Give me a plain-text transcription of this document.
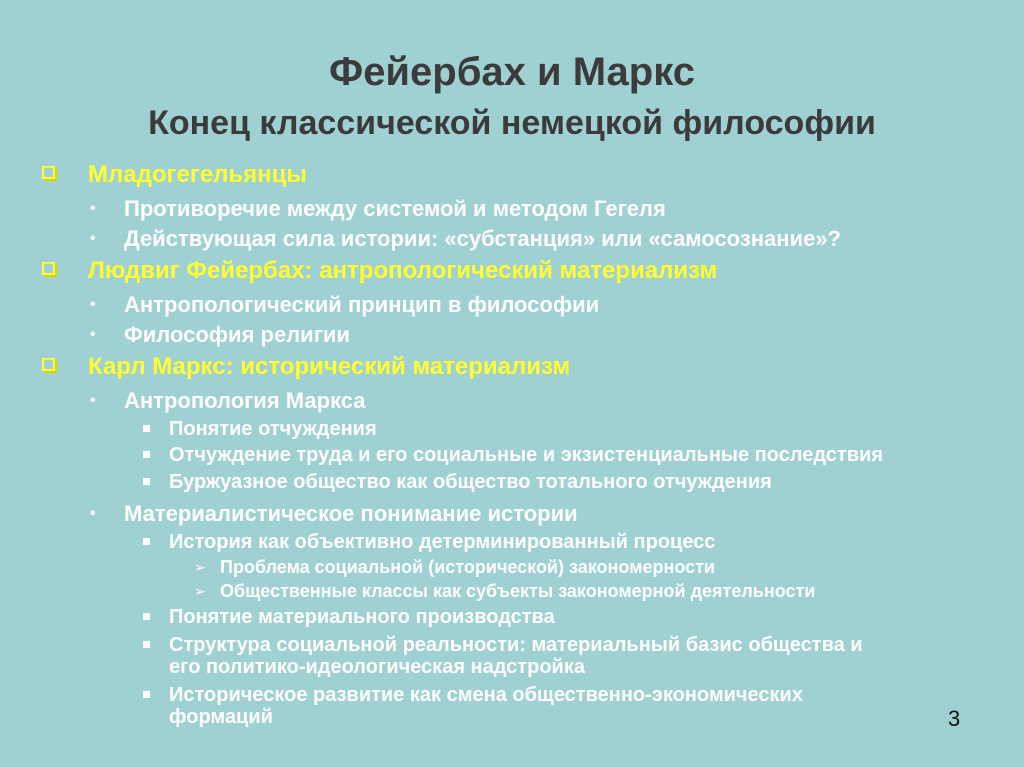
Фейербах и Маркс
Конец классической немецкой философии
Младогегельянцы
• Противоречие между системой и методом Гегеля
• Действующая сила истории: «субстанция» или «самосознание»?
Людвиг Фейербах: антропологический материализм
• Антропологический принцип в философии
• Философия религии
Карл Маркс: исторический материализм
• Антропология Маркса
Понятие отчуждения
Отчуждение труда и его социальные и экзистенциальные последствия
Буржуазное общество как общество тотального отчуждения
• Материалистическое понимание истории
История как объективно детерминированный процесс
➢ Проблема социальной (исторической) закономерности
➢ Общественные классы как субъекты закономерной деятельности
Понятие материального производства
Структура социальной реальности: материальный базис общества и
его политико-идеологическая надстройка
Историческое развитие как смена общественно-экономических
формаций	3
